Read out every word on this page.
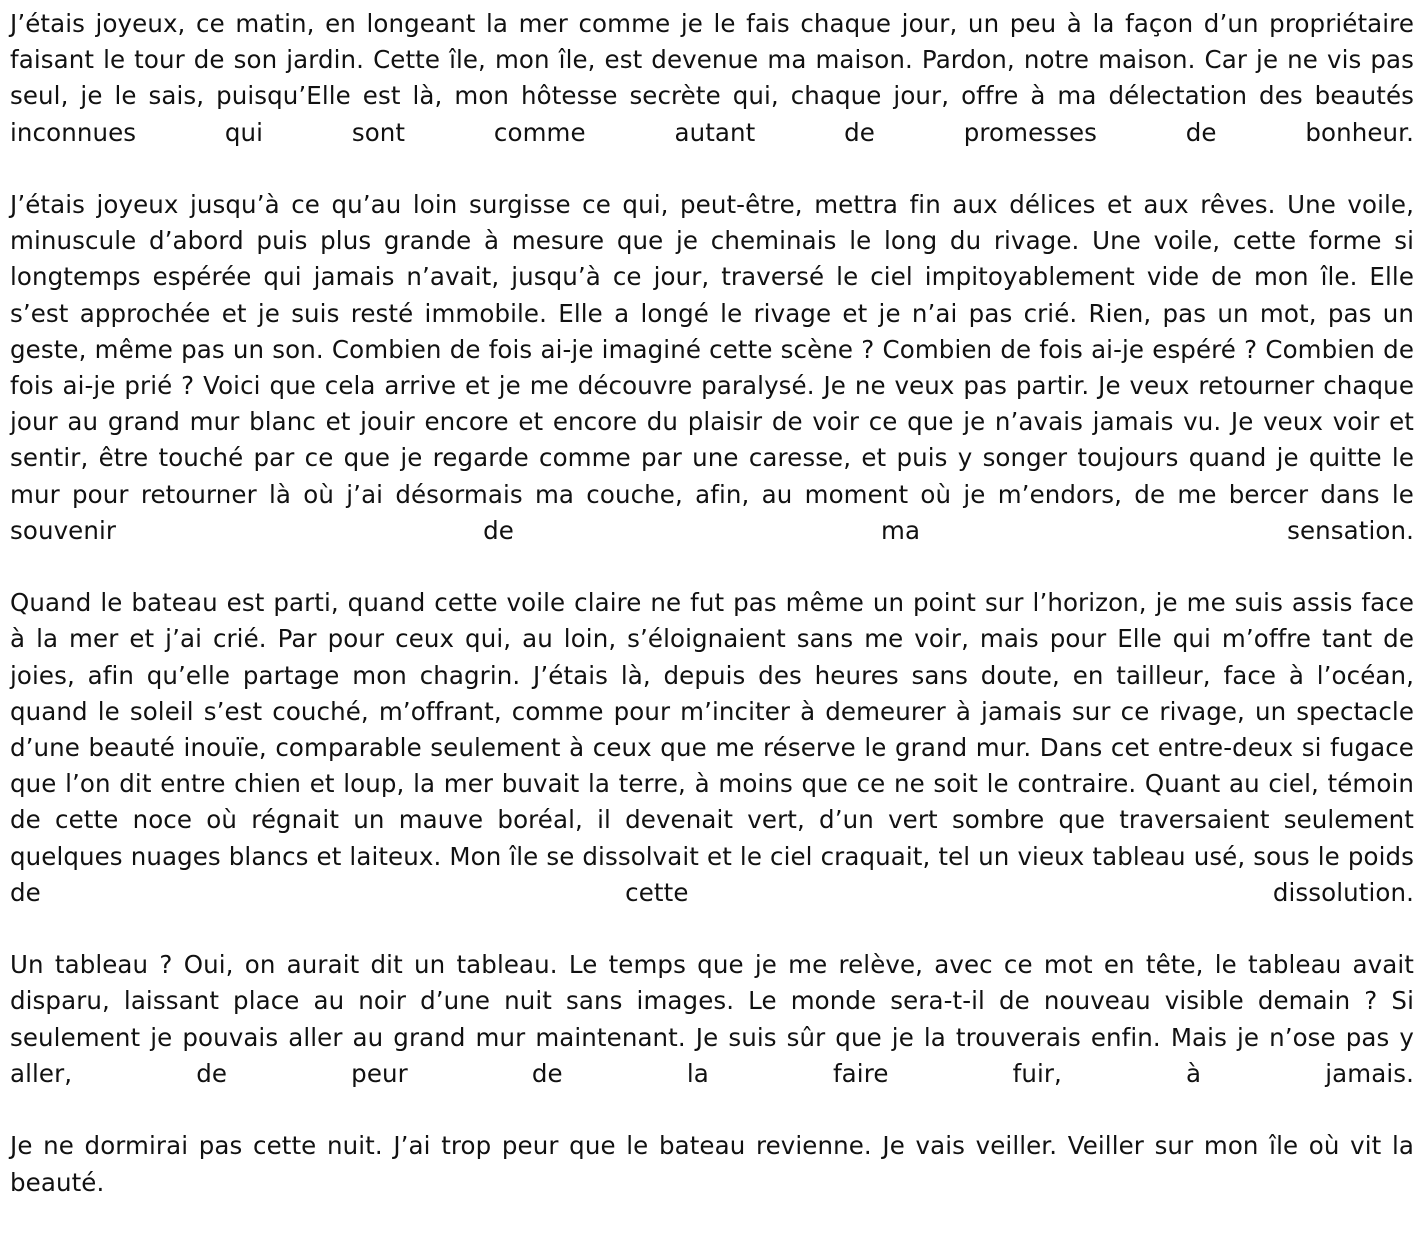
J’étais joyeux, ce matin, en longeant la mer comme je le fais chaque jour, un peu à la façon d’un propriétaire faisant le tour de son jardin. Cette île, mon île, est devenue ma maison. Pardon, notre maison. Car je ne vis pas seul, je le sais, puisqu’Elle est là, mon hôtesse secrète qui, chaque jour, offre à ma délectation des beautés inconnues qui sont comme autant de promesses de bonheur.

J’étais joyeux jusqu’à ce qu’au loin surgisse ce qui, peut-être, mettra fin aux délices et aux rêves. Une voile, minuscule d’abord puis plus grande à mesure que je cheminais le long du rivage. Une voile, cette forme si longtemps espérée qui jamais n’avait, jusqu’à ce jour, traversé le ciel impitoyablement vide de mon île. Elle s’est approchée et je suis resté immobile. Elle a longé le rivage et je n’ai pas crié. Rien, pas un mot, pas un geste, même pas un son. Combien de fois ai-je imaginé cette scène ? Combien de fois ai-je espéré ? Combien de fois ai-je prié ? Voici que cela arrive et je me découvre paralysé. Je ne veux pas partir. Je veux retourner chaque jour au grand mur blanc et jouir encore et encore du plaisir de voir ce que je n’avais jamais vu. Je veux voir et sentir, être touché par ce que je regarde comme par une caresse, et puis y songer toujours quand je quitte le mur pour retourner là où j’ai désormais ma couche, afin, au moment où je m’endors, de me bercer dans le souvenir de ma sensation.

Quand le bateau est parti, quand cette voile claire ne fut pas même un point sur l’horizon, je me suis assis face à la mer et j’ai crié. Par pour ceux qui, au loin, s’éloignaient sans me voir, mais pour Elle qui m’offre tant de joies, afin qu’elle partage mon chagrin. J’étais là, depuis des heures sans doute, en tailleur, face à l’océan, quand le soleil s’est couché, m’offrant, comme pour m’inciter à demeurer à jamais sur ce rivage, un spectacle d’une beauté inouïe, comparable seulement à ceux que me réserve le grand mur. Dans cet entre-deux si fugace que l’on dit entre chien et loup, la mer buvait la terre, à moins que ce ne soit le contraire. Quant au ciel, témoin de cette noce où régnait un mauve boréal, il devenait vert, d’un vert sombre que traversaient seulement quelques nuages blancs et laiteux. Mon île se dissolvait et le ciel craquait, tel un vieux tableau usé, sous le poids de cette dissolution.

Un tableau ? Oui, on aurait dit un tableau. Le temps que je me relève, avec ce mot en tête, le tableau avait disparu, laissant place au noir d’une nuit sans images. Le monde sera-t-il de nouveau visible demain ? Si seulement je pouvais aller au grand mur maintenant. Je suis sûr que je la trouverais enfin. Mais je n’ose pas y aller, de peur de la faire fuir, à jamais.

Je ne dormirai pas cette nuit. J’ai trop peur que le bateau revienne. Je vais veiller. Veiller sur mon île où vit la beauté.
